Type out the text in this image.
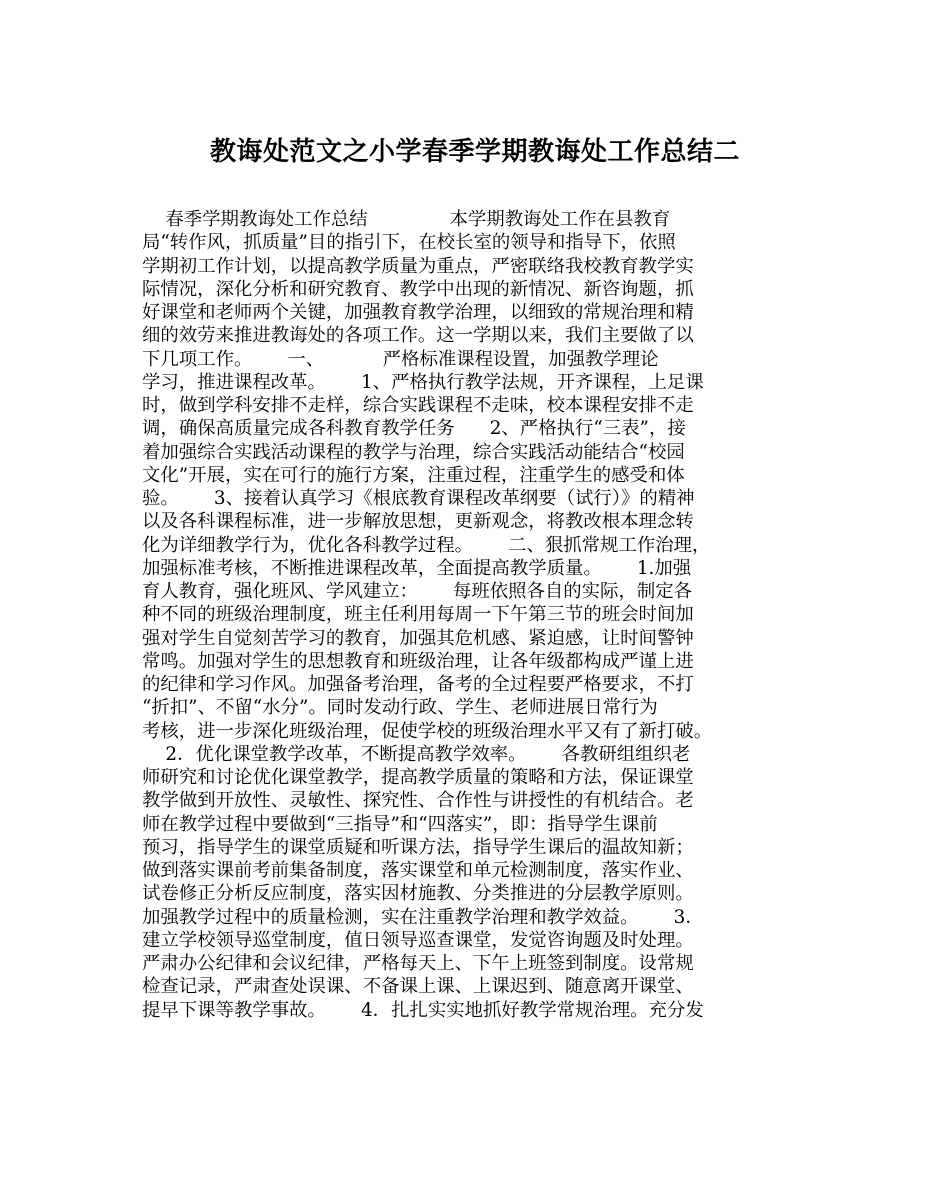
教诲处范文之小学春季学期教诲处工作总结二
春季学期教诲处工作总结              本学期教诲处工作在县教育
局“转作风，抓质量”目的指引下，在校长室的领导和指导下，依照
学期初工作计划，以提高教学质量为重点，严密联络我校教育教学实
际情况，深化分析和研究教育、教学中出现的新情况、新咨询题，抓
好课堂和老师两个关键，加强教育教学治理，以细致的常规治理和精
细的效劳来推进教诲处的各项工作。这一学期以来，我们主要做了以
下几项工作。      一、          严格标准课程设置，加强教学理论
学习，推进课程改革。      1、严格执行教学法规，开齐课程，上足课
时，做到学科安排不走样，综合实践课程不走味，校本课程安排不走
调，确保高质量完成各科教育教学任务      2、严格执行“三表”，接
着加强综合实践活动课程的教学与治理，综合实践活动能结合“校园
文化”开展，实在可行的施行方案，注重过程，注重学生的感受和体
验。      3、接着认真学习《根底教育课程改革纲要（试行）》的精神
以及各科课程标准，进一步解放思想，更新观念，将教改根本理念转
化为详细教学行为，优化各科教学过程。      二、狠抓常规工作治理，
加强标准考核，不断推进课程改革，全面提高教学质量。      1.加强
育人教育，强化班风、学风建立：      每班依照各自的实际，制定各
种不同的班级治理制度，班主任利用每周一下午第三节的班会时间加
强对学生自觉刻苦学习的教育，加强其危机感、紧迫感，让时间警钟
常鸣。加强对学生的思想教育和班级治理，让各年级都构成严谨上进
的纪律和学习作风。加强备考治理，备考的全过程要严格要求，不打
“折扣”、不留“水分”。同时发动行政、学生、老师进展日常行为
考核，进一步深化班级治理，促使学校的班级治理水平又有了新打破。
2．优化课堂教学改革，不断提高教学效率。      各教研组组织老
师研究和讨论优化课堂教学，提高教学质量的策略和方法，保证课堂
教学做到开放性、灵敏性、探究性、合作性与讲授性的有机结合。老
师在教学过程中要做到“三指导”和“四落实”，即：指导学生课前
预习，指导学生的课堂质疑和听课方法，指导学生课后的温故知新；
做到落实课前考前集备制度，落实课堂和单元检测制度，落实作业、
试卷修正分析反应制度，落实因材施教、分类推进的分层教学原则。
加强教学过程中的质量检测，实在注重教学治理和教学效益。      3．
建立学校领导巡堂制度，值日领导巡查课堂，发觉咨询题及时处理。
严肃办公纪律和会议纪律，严格每天上、下午上班签到制度。设常规
检查记录，严肃查处误课、不备课上课、上课迟到、随意离开课堂、
提早下课等教学事故。      4．扎扎实实地抓好教学常规治理。充分发
